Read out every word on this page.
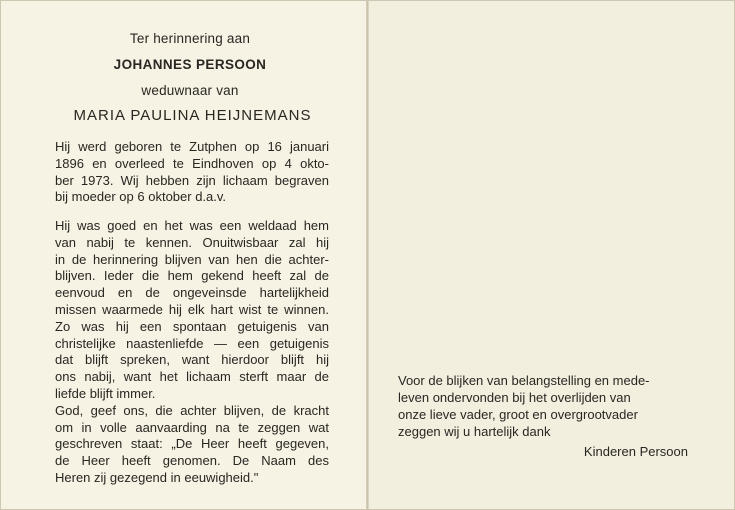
Ter herinnering aan
JOHANNES PERSOON
weduwnaar van
MARIA PAULINA HEIJNEMANS
Hij werd geboren te Zutphen op 16 januari
1896 en overleed te Eindhoven op 4 okto-
ber 1973. Wij hebben zijn lichaam begraven
bij moeder op 6 oktober d.a.v.
Hij was goed en het was een weldaad hem
van nabij te kennen. Onuitwisbaar zal hij
in de herinnering blijven van hen die achter-
blijven. Ieder die hem gekend heeft zal de
eenvoud en de ongeveinsde hartelijkheid
missen waarmede hij elk hart wist te winnen.
Zo was hij een spontaan getuigenis van
christelijke naastenliefde — een getuigenis
dat blijft spreken, want hierdoor blijft hij
ons nabij, want het lichaam sterft maar de
liefde blijft immer.
God, geef ons, die achter blijven, de kracht
om in volle aanvaarding na te zeggen wat
geschreven staat: „De Heer heeft gegeven,
de Heer heeft genomen. De Naam des
Heren zij gezegend in eeuwigheid."
Voor de blijken van belangstelling en mede-
leven ondervonden bij het overlijden van
onze lieve vader, groot en overgrootvader
zeggen wij u hartelijk dank
Kinderen Persoon
